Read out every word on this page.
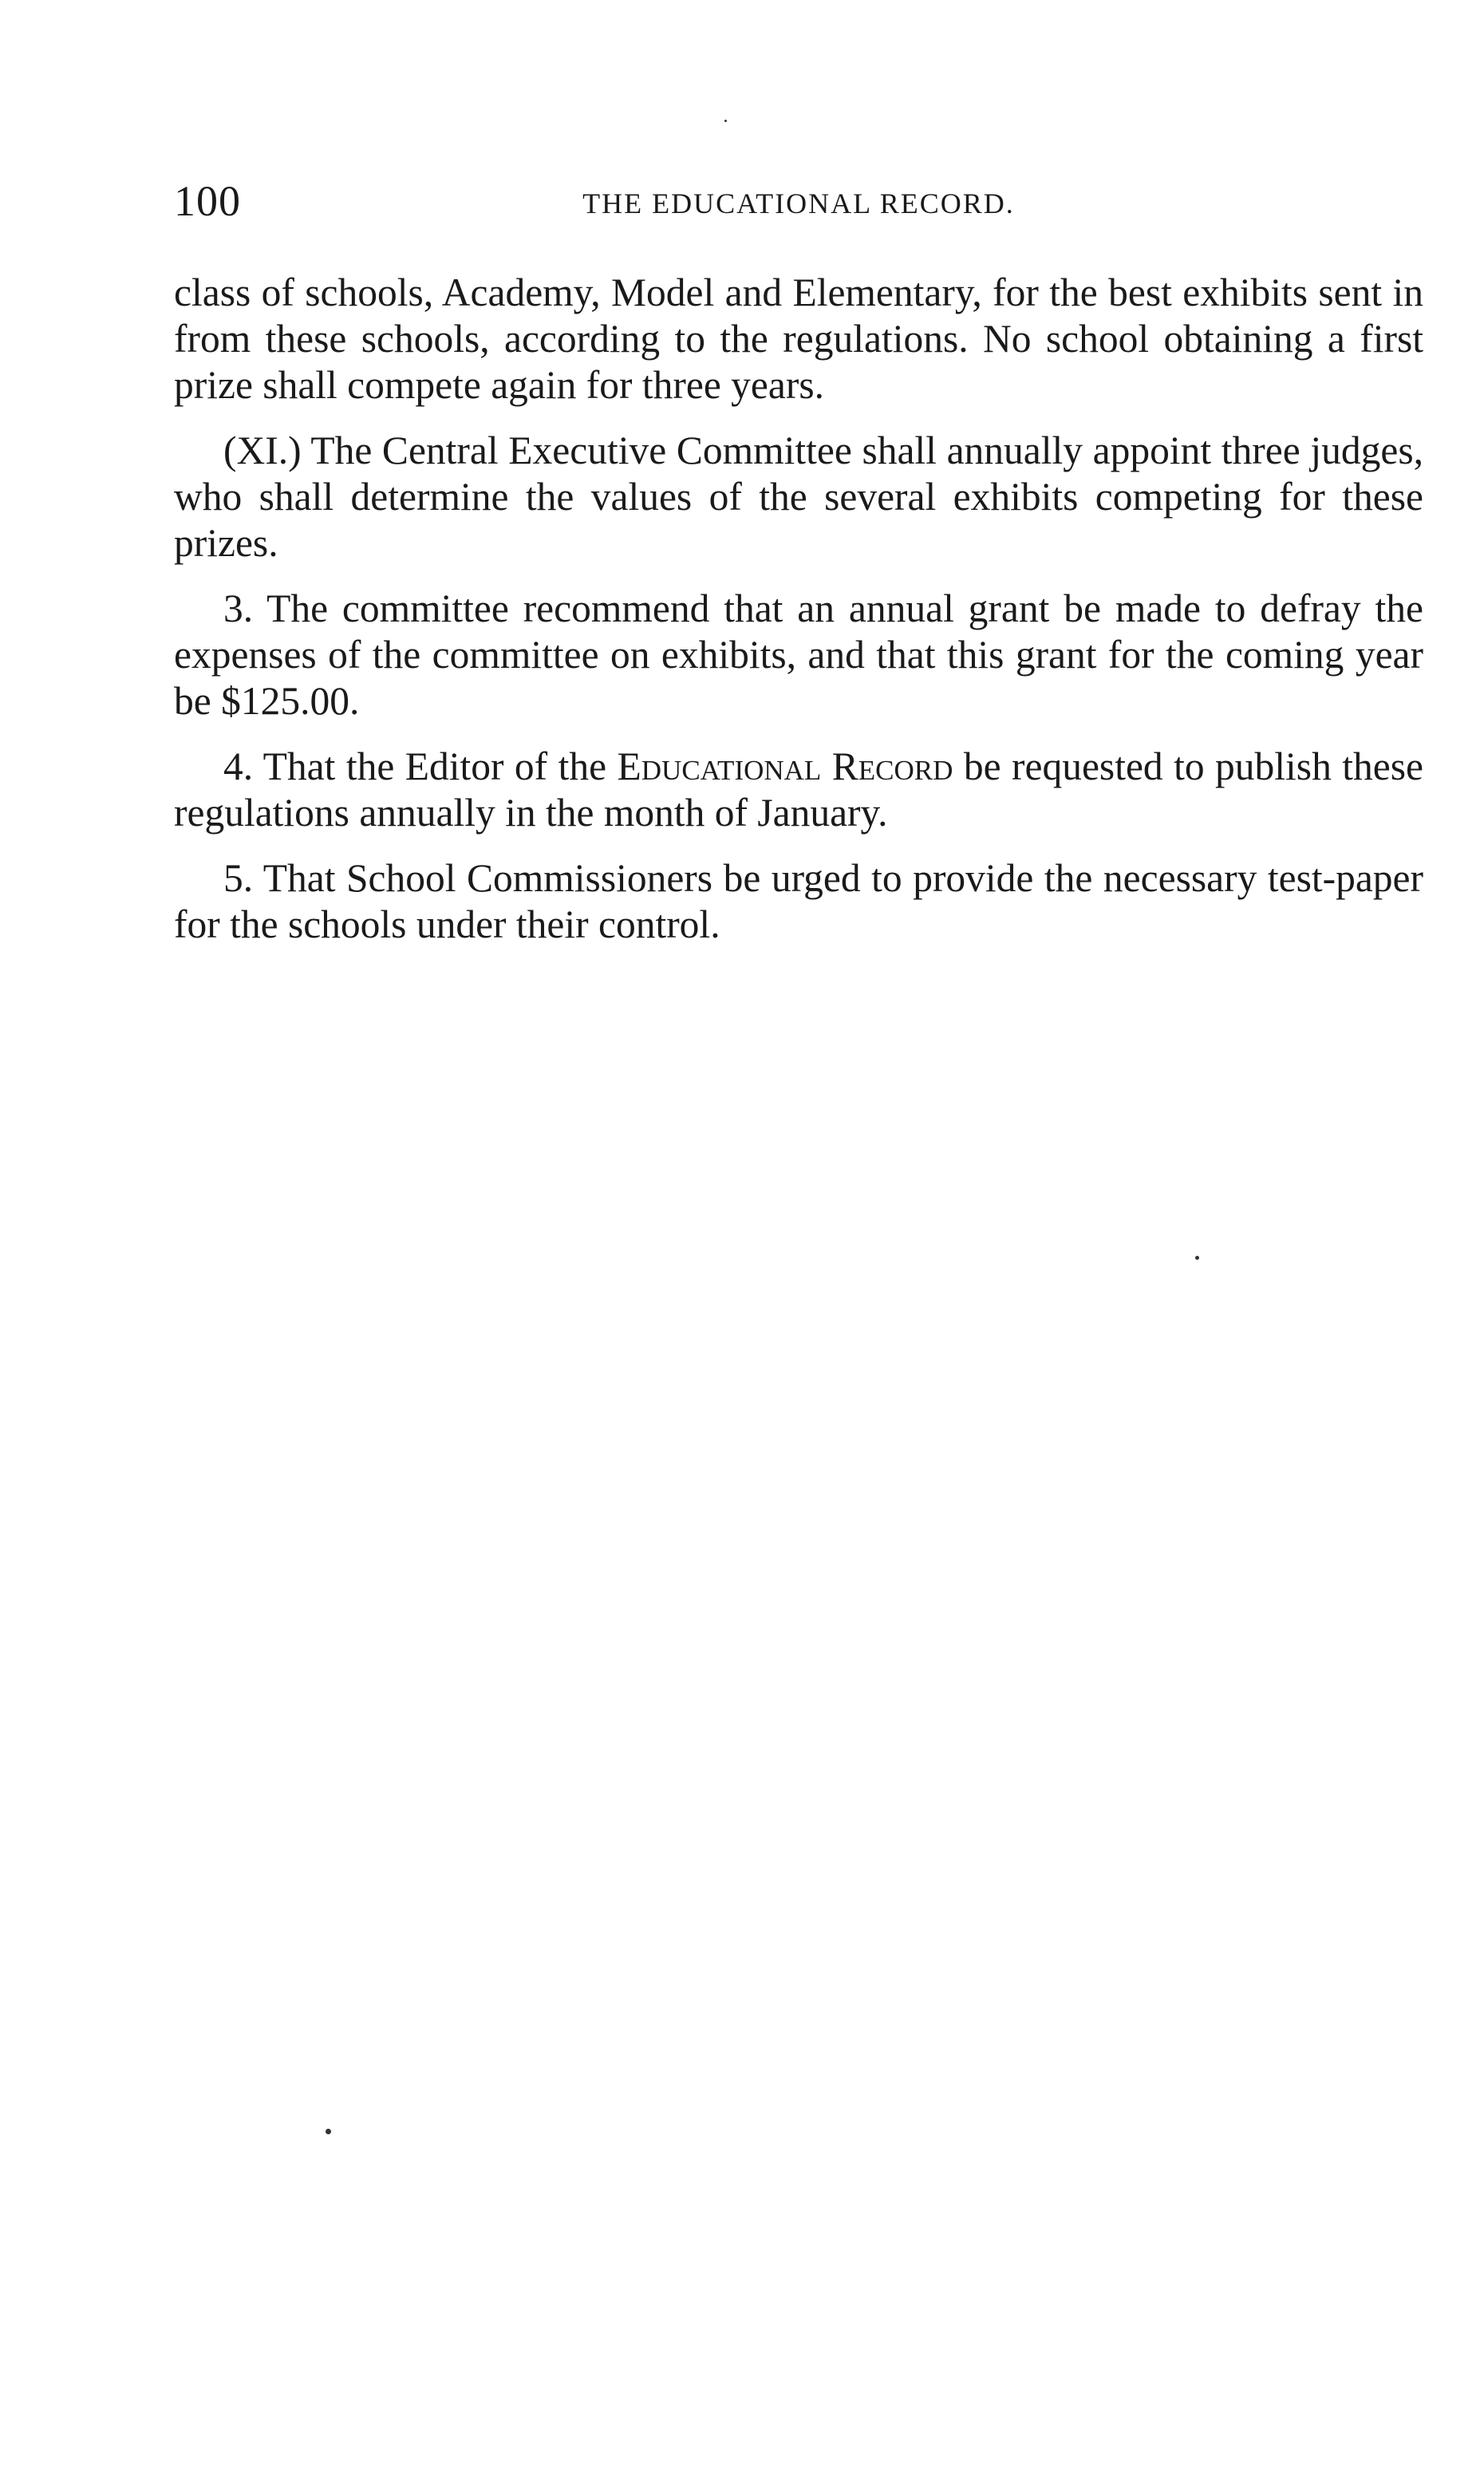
100	THE EDUCATIONAL RECORD.

class of schools, Academy, Model and Elementary, for the best exhibits sent in from these schools, according to the regulations. No school obtaining a first prize shall compete again for three years.

(XI.) The Central Executive Committee shall annually appoint three judges, who shall determine the values of the several exhibits competing for these prizes.

3. The committee recommend that an annual grant be made to defray the expenses of the committee on exhibits, and that this grant for the coming year be $125.00.

4. That the Editor of the Educational Record be requested to publish these regulations annually in the month of January.

5. That School Commissioners be urged to provide the necessary test-paper for the schools under their control.
